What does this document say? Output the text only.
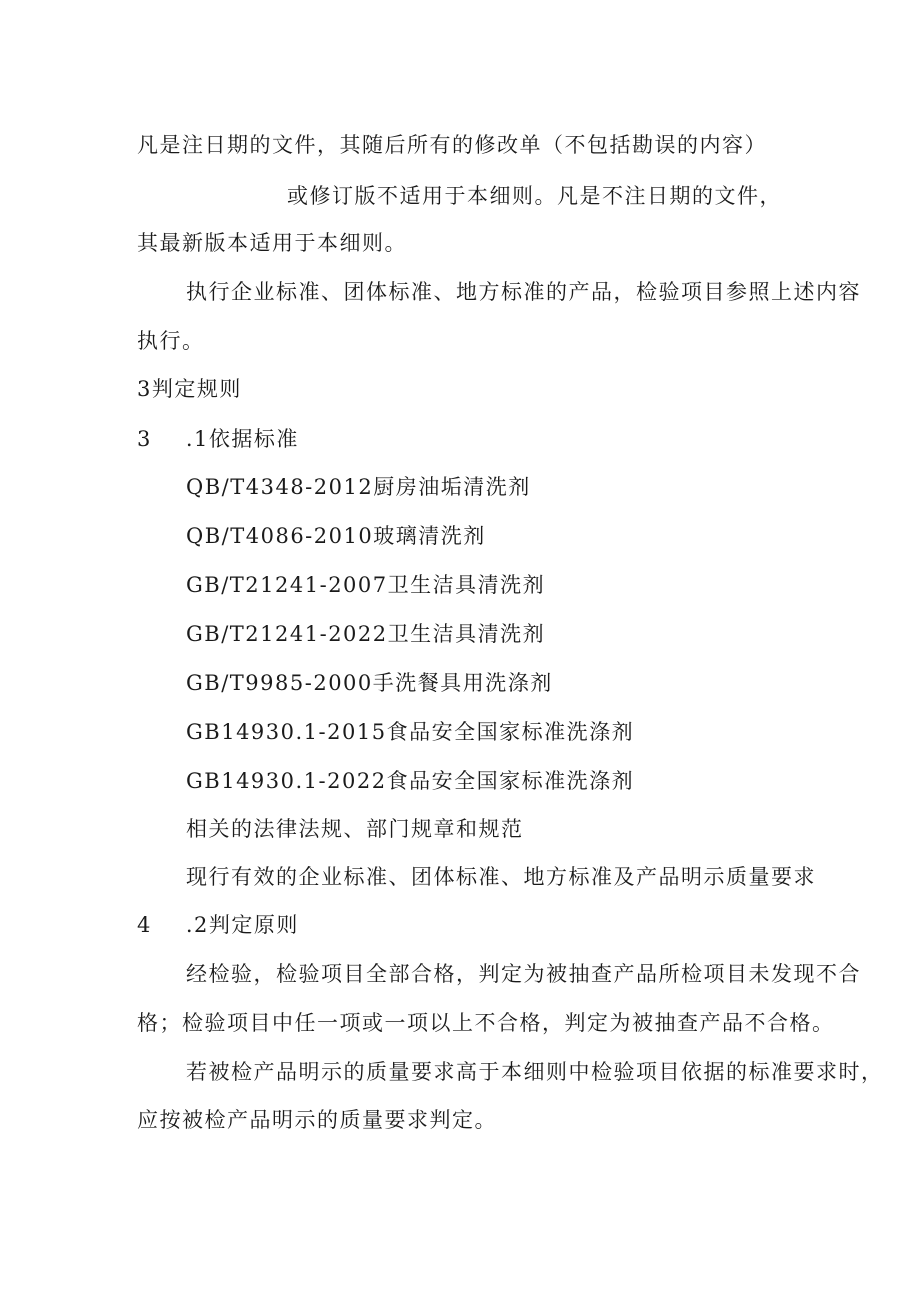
凡是注日期的文件，其随后所有的修改单（不包括勘误的内容）
或修订版不适用于本细则。凡是不注日期的文件，
其最新版本适用于本细则。
执行企业标准、团体标准、地方标准的产品，检验项目参照上述内容
执行。
3判定规则
3 .1依据标准
QB/T4348-2012厨房油垢清洗剂
QB/T4086-2010玻璃清洗剂
GB/T21241-2007卫生洁具清洗剂
GB/T21241-2022卫生洁具清洗剂
GB/T9985-2000手洗餐具用洗涤剂
GB14930.1-2015食品安全国家标准洗涤剂
GB14930.1-2022食品安全国家标准洗涤剂
相关的法律法规、部门规章和规范
现行有效的企业标准、团体标准、地方标准及产品明示质量要求
4 .2判定原则
经检验，检验项目全部合格，判定为被抽查产品所检项目未发现不合
格；检验项目中任一项或一项以上不合格，判定为被抽查产品不合格。
若被检产品明示的质量要求高于本细则中检验项目依据的标准要求时，
应按被检产品明示的质量要求判定。
